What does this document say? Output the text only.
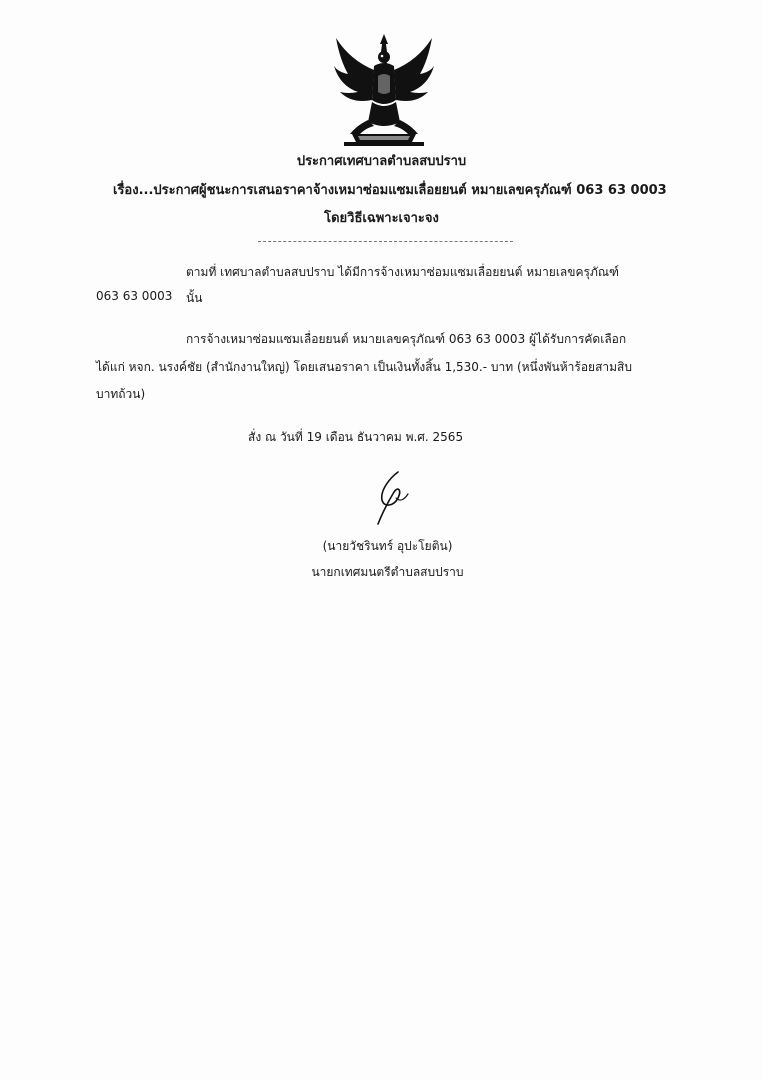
ประกาศเทศบาลตำบลสบปราบ
เรื่อง...ประกาศผู้ชนะการเสนอราคาจ้างเหมาซ่อมแซมเลื่อยยนต์ หมายเลขครุภัณฑ์ 063 63 0003
โดยวิธีเฉพาะเจาะจง
ตามที่ เทศบาลตำบลสบปราบ ได้มีการจ้างเหมาซ่อมแซมเลื่อยยนต์ หมายเลขครุภัณฑ์
063 63 0003 นั้น
การจ้างเหมาซ่อมแซมเลื่อยยนต์ หมายเลขครุภัณฑ์ 063 63 0003 ผู้ได้รับการคัดเลือก
ได้แก่ หจก. นรงค์ชัย (สำนักงานใหญ่) โดยเสนอราคา เป็นเงินทั้งสิ้น 1,530.- บาท (หนึ่งพันห้าร้อยสามสิบ
บาทถ้วน)
สั่ง ณ วันที่ 19 เดือน ธันวาคม พ.ศ. 2565
(นายวัชรินทร์ อุปะโยติน)
นายกเทศมนตรีตำบลสบปราบ
